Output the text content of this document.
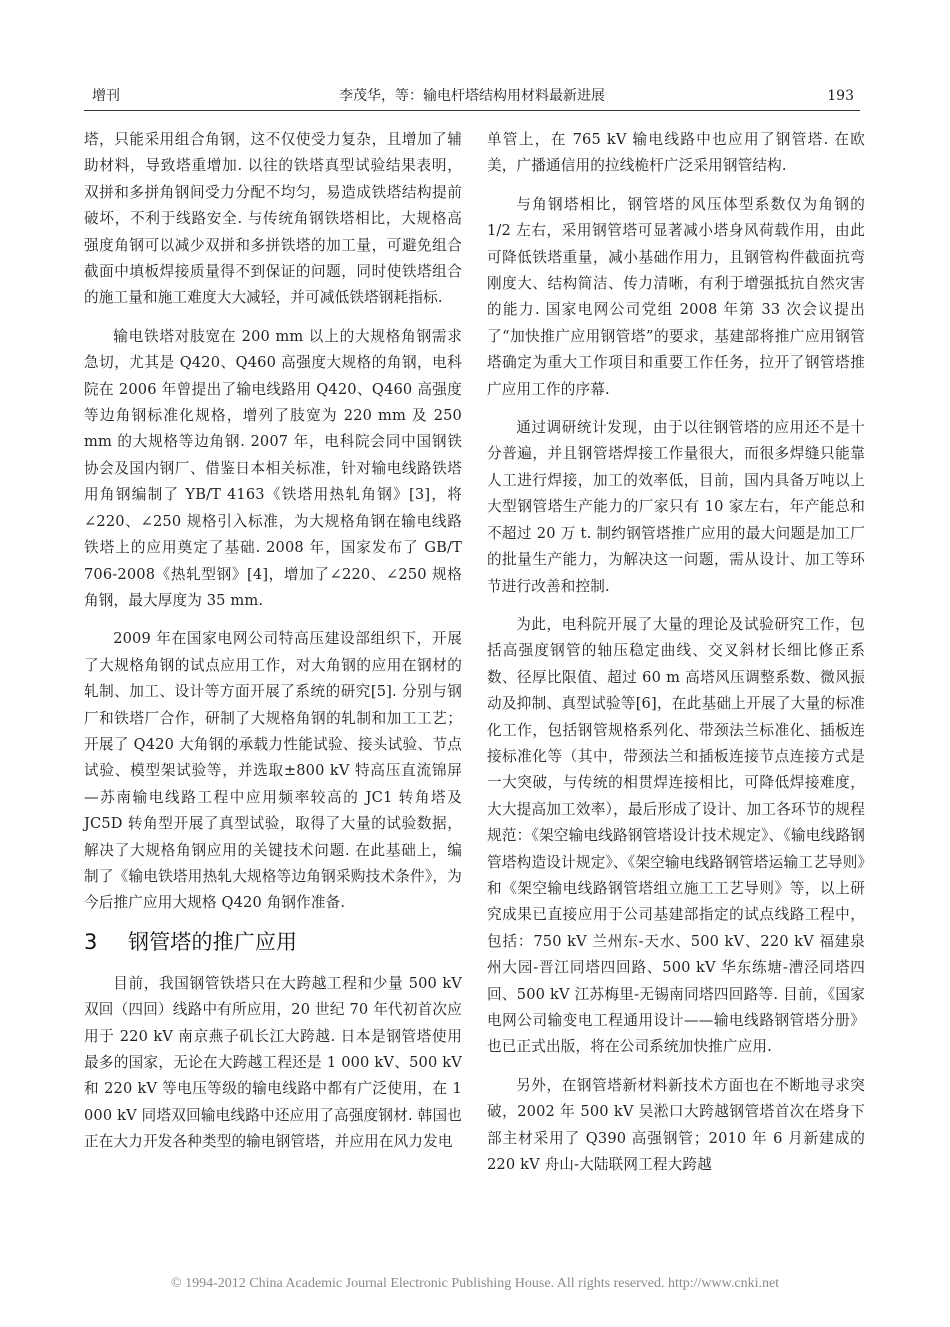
增刊	李茂华，等：输电杆塔结构用材料最新进展	193

塔，只能采用组合角钢，这不仅使受力复杂，且增加了辅助材料，导致塔重增加. 以往的铁塔真型试验结果表明，双拼和多拼角钢间受力分配不均匀，易造成铁塔结构提前破坏，不利于线路安全. 与传统角钢铁塔相比，大规格高强度角钢可以减少双拼和多拼铁塔的加工量，可避免组合截面中填板焊接质量得不到保证的问题，同时使铁塔组合的施工量和施工难度大大减轻，并可减低铁塔钢耗指标.

输电铁塔对肢宽在 200 mm 以上的大规格角钢需求急切，尤其是 Q420、Q460 高强度大规格的角钢，电科院在 2006 年曾提出了输电线路用 Q420、Q460 高强度等边角钢标准化规格，增列了肢宽为 220 mm 及 250 mm 的大规格等边角钢. 2007 年，电科院会同中国钢铁协会及国内钢厂、借鉴日本相关标准，针对输电线路铁塔用角钢编制了 YB/T 4163《铁塔用热轧角钢》[3]，将∠220、∠250 规格引入标准，为大规格角钢在输电线路铁塔上的应用奠定了基础. 2008 年，国家发布了 GB/T 706-2008《热轧型钢》[4]，增加了∠220、∠250 规格角钢，最大厚度为 35 mm.

2009 年在国家电网公司特高压建设部组织下，开展了大规格角钢的试点应用工作，对大角钢的应用在钢材的轧制、加工、设计等方面开展了系统的研究[5]. 分别与钢厂和铁塔厂合作，研制了大规格角钢的轧制和加工工艺；开展了 Q420 大角钢的承载力性能试验、接头试验、节点试验、模型架试验等，并选取±800 kV 特高压直流锦屏—苏南输电线路工程中应用频率较高的 JC1 转角塔及 JC5D 转角型开展了真型试验，取得了大量的试验数据，解决了大规格角钢应用的关键技术问题. 在此基础上，编制了《输电铁塔用热轧大规格等边角钢采购技术条件》，为今后推广应用大规格 Q420 角钢作准备.

3 钢管塔的推广应用

目前，我国钢管铁塔只在大跨越工程和少量 500 kV 双回（四回）线路中有所应用，20 世纪 70 年代初首次应用于 220 kV 南京燕子矶长江大跨越. 日本是钢管塔使用最多的国家，无论在大跨越工程还是 1 000 kV、500 kV 和 220 kV 等电压等级的输电线路中都有广泛使用，在 1 000 kV 同塔双回输电线路中还应用了高强度钢材. 韩国也正在大力开发各种类型的输电钢管塔，并应用在风力发电

单管上，在 765 kV 输电线路中也应用了钢管塔. 在欧美，广播通信用的拉线桅杆广泛采用钢管结构.

与角钢塔相比，钢管塔的风压体型系数仅为角钢的 1/2 左右，采用钢管塔可显著减小塔身风荷载作用，由此可降低铁塔重量，减小基础作用力，且钢管构件截面抗弯刚度大、结构简洁、传力清晰，有利于增强抵抗自然灾害的能力. 国家电网公司党组 2008 年第 33 次会议提出了“加快推广应用钢管塔”的要求，基建部将推广应用钢管塔确定为重大工作项目和重要工作任务，拉开了钢管塔推广应用工作的序幕.

通过调研统计发现，由于以往钢管塔的应用还不是十分普遍，并且钢管塔焊接工作量很大，而很多焊缝只能靠人工进行焊接，加工的效率低，目前，国内具备万吨以上大型钢管塔生产能力的厂家只有 10 家左右，年产能总和不超过 20 万 t. 制约钢管塔推广应用的最大问题是加工厂的批量生产能力，为解决这一问题，需从设计、加工等环节进行改善和控制.

为此，电科院开展了大量的理论及试验研究工作，包括高强度钢管的轴压稳定曲线、交叉斜材长细比修正系数、径厚比限值、超过 60 m 高塔风压调整系数、微风振动及抑制、真型试验等[6]，在此基础上开展了大量的标准化工作，包括钢管规格系列化、带颈法兰标准化、插板连接标准化等（其中，带颈法兰和插板连接节点连接方式是一大突破，与传统的相贯焊连接相比，可降低焊接难度，大大提高加工效率），最后形成了设计、加工各环节的规程规范：《架空输电线路钢管塔设计技术规定》、《输电线路钢管塔构造设计规定》、《架空输电线路钢管塔运输工艺导则》和《架空输电线路钢管塔组立施工工艺导则》等，以上研究成果已直接应用于公司基建部指定的试点线路工程中，包括：750 kV 兰州东-天水、500 kV、220 kV 福建泉州大园-晋江同塔四回路、500 kV 华东练塘-漕泾同塔四回、500 kV 江苏梅里-无锡南同塔四回路等. 目前，《国家电网公司输变电工程通用设计——输电线路钢管塔分册》也已正式出版，将在公司系统加快推广应用.

另外，在钢管塔新材料新技术方面也在不断地寻求突破，2002 年 500 kV 吴淞口大跨越钢管塔首次在塔身下部主材采用了 Q390 高强钢管；2010 年 6 月新建成的 220 kV 舟山-大陆联网工程大跨越

© 1994-2012 China Academic Journal Electronic Publishing House. All rights reserved. http://www.cnki.net
